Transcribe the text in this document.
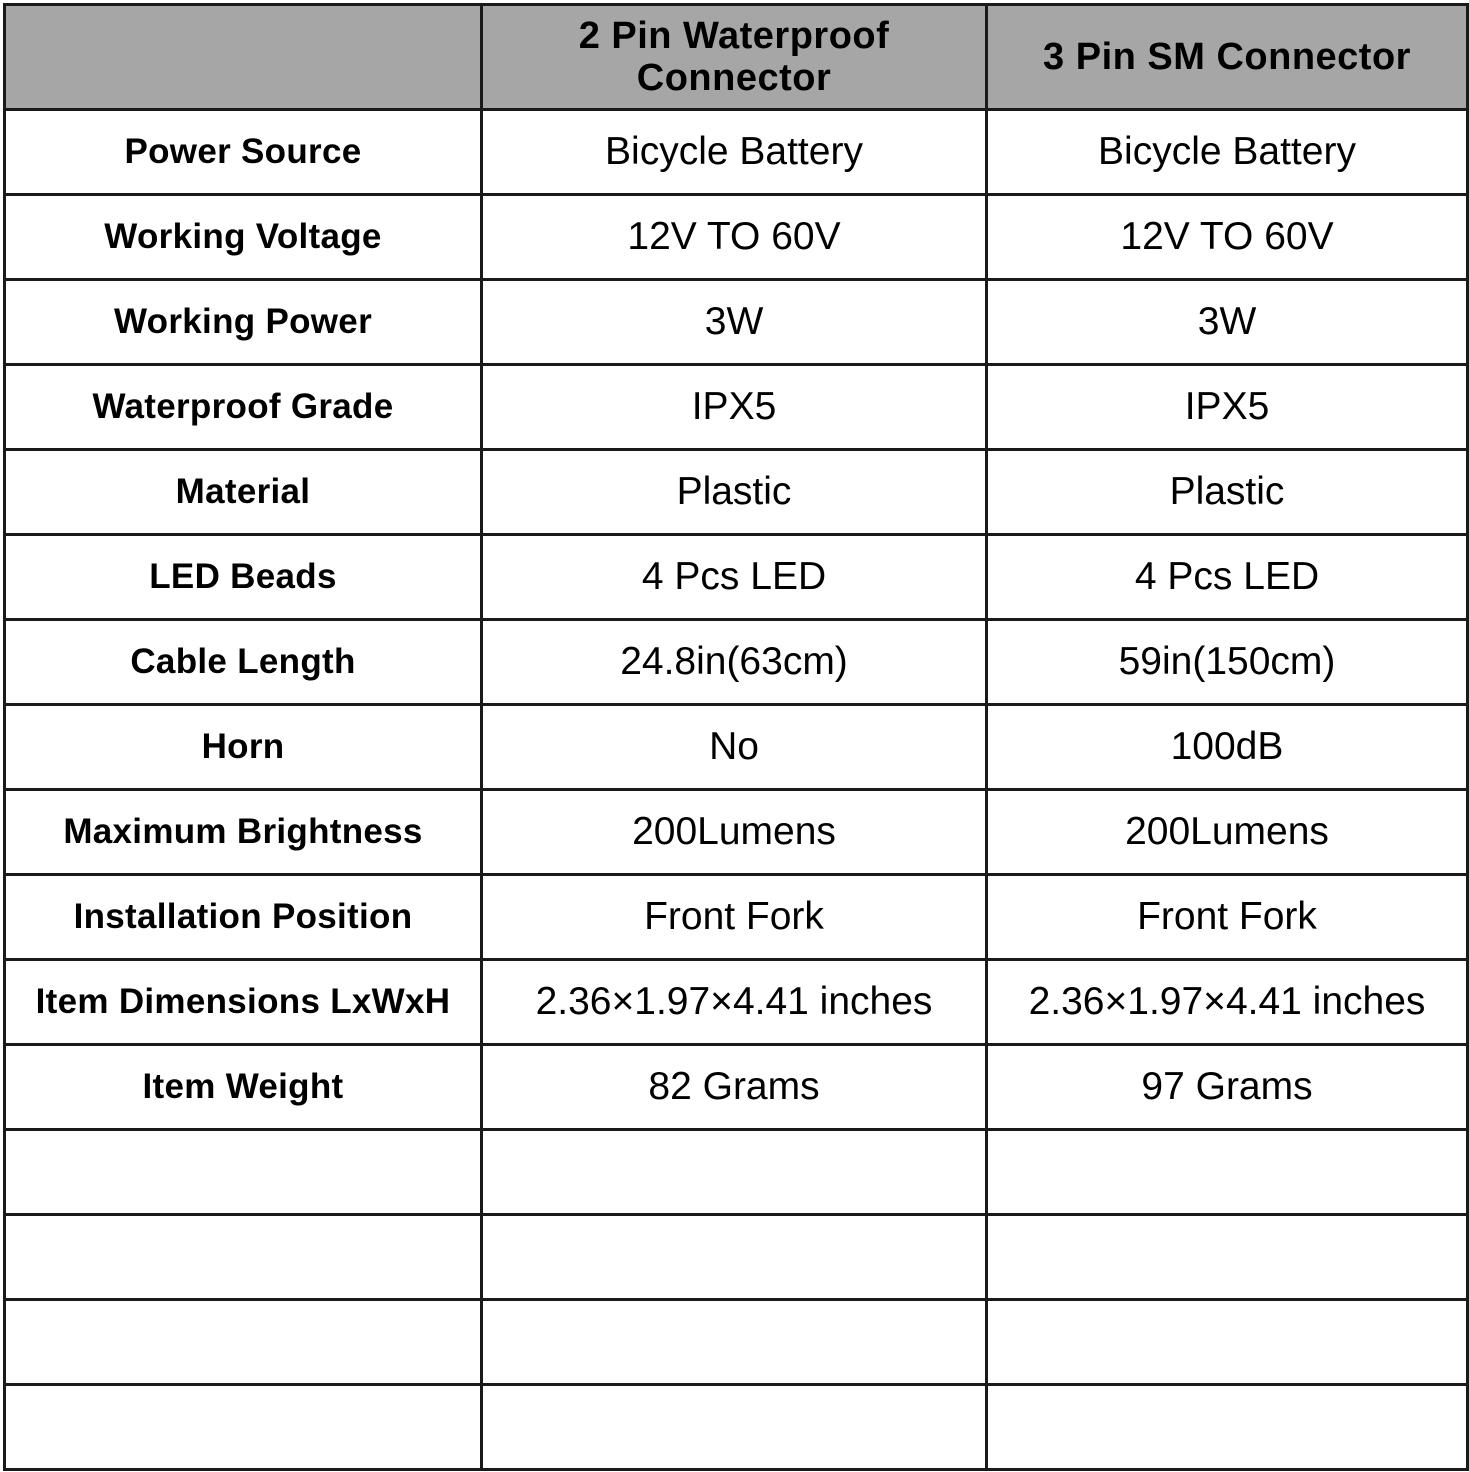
	2 Pin Waterproof Connector	3 Pin SM Connector
Power Source	Bicycle Battery	Bicycle Battery
Working Voltage	12V TO 60V	12V TO 60V
Working Power	3W	3W
Waterproof Grade	IPX5	IPX5
Material	Plastic	Plastic
LED Beads	4 Pcs LED	4 Pcs LED
Cable Length	24.8in(63cm)	59in(150cm)
Horn	No	100dB
Maximum Brightness	200Lumens	200Lumens
Installation Position	Front Fork	Front Fork
Item Dimensions LxWxH	2.36×1.97×4.41 inches	2.36×1.97×4.41 inches
Item Weight	82 Grams	97 Grams
